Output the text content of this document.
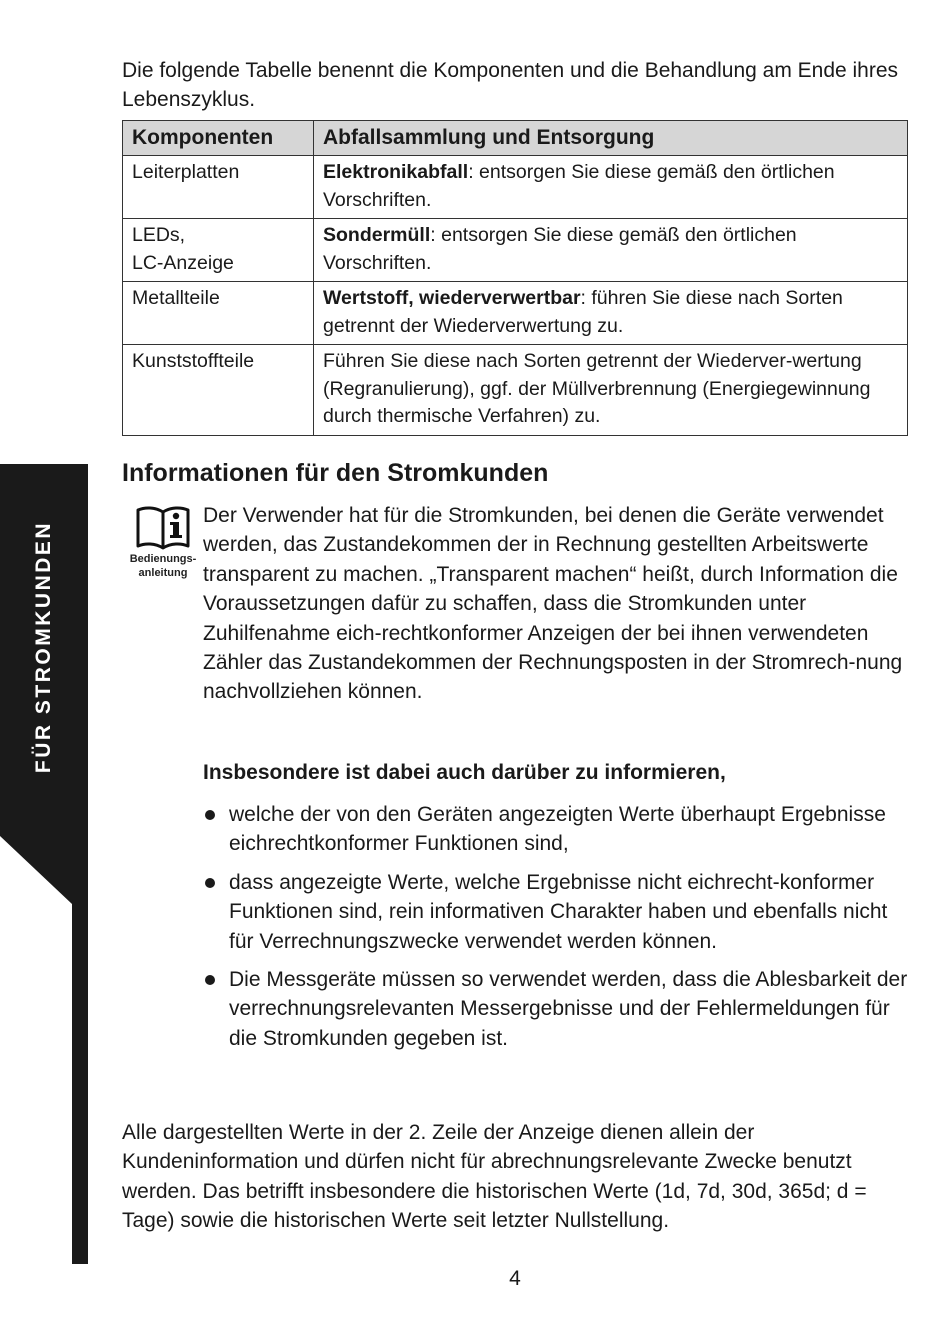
Die folgende Tabelle benennt die Komponenten und die Behandlung am Ende ihres Lebenszyklus.

Komponenten	Abfallsammlung und Entsorgung
Leiterplatten	Elektronikabfall: entsorgen Sie diese gemäß den örtlichen Vorschriften.
LEDs,
LC-Anzeige	Sondermüll: entsorgen Sie diese gemäß den örtlichen Vorschriften.
Metallteile	Wertstoff, wiederverwertbar: führen Sie diese nach Sorten getrennt der Wiederverwertung zu.
Kunststoffteile	Führen Sie diese nach Sorten getrennt der Wiederver-wertung (Regranulierung), ggf. der Müllverbrennung (Energiegewinnung durch thermische Verfahren) zu.
FÜR STROMKUNDEN
Informationen für den Stromkunden
Bedienungs-
anleitung

Der Verwender hat für die Stromkunden, bei denen die Geräte verwendet werden, das Zustandekommen der in Rechnung gestellten Arbeitswerte transparent zu machen. „Transparent machen“ heißt, durch Information die Voraussetzungen dafür zu schaffen, dass die Stromkunden unter Zuhilfenahme eich-rechtkonformer Anzeigen der bei ihnen verwendeten Zähler das Zustandekommen der Rechnungsposten in der Stromrech-nung nachvollziehen können.

Insbesondere ist dabei auch darüber zu informieren,

welche der von den Geräten angezeigten Werte überhaupt Ergebnisse eichrechtkonformer Funktionen sind,
dass angezeigte Werte, welche Ergebnisse nicht eichrecht-konformer Funktionen sind, rein informativen Charakter haben und ebenfalls nicht für Verrechnungszwecke verwendet werden können.
Die Messgeräte müssen so verwendet werden, dass die Ablesbarkeit der verrechnungsrelevanten Messergebnisse und der Fehlermeldungen für die Stromkunden gegeben ist.

Alle dargestellten Werte in der 2. Zeile der Anzeige dienen allein der Kundeninformation und dürfen nicht für abrechnungsrelevante Zwecke benutzt werden. Das betrifft insbesondere die historischen Werte (1d, 7d, 30d, 365d; d = Tage) sowie die historischen Werte seit letzter Nullstellung.

4
